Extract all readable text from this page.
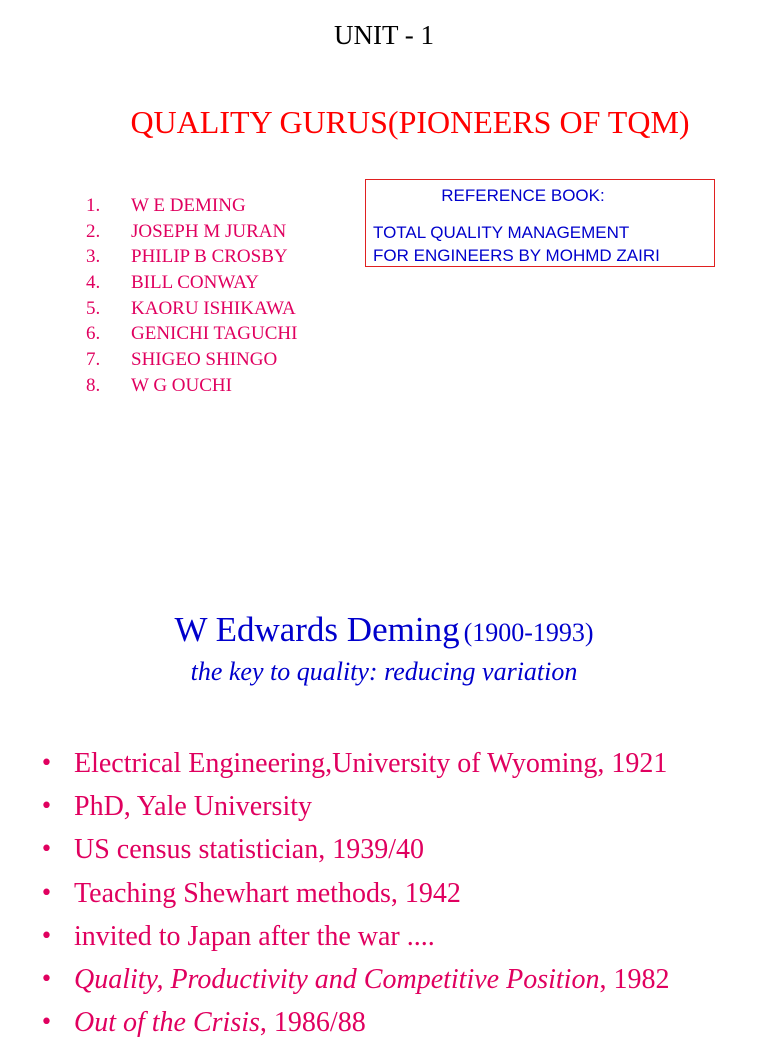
UNIT - 1
QUALITY GURUS(PIONEERS OF TQM)
1. W E DEMING
2. JOSEPH M JURAN
3. PHILIP B CROSBY
4. BILL CONWAY
5. KAORU ISHIKAWA
6. GENICHI TAGUCHI
7. SHIGEO SHINGO
8. W G OUCHI
REFERENCE BOOK:
TOTAL QUALITY MANAGEMENT
FOR ENGINEERS BY MOHMD ZAIRI
W Edwards Deming (1900-1993)
the key to quality: reducing variation
• Electrical Engineering,University of Wyoming, 1921
• PhD, Yale University
• US census statistician, 1939/40
• Teaching Shewhart methods, 1942
• invited to Japan after the war ....
• Quality, Productivity and Competitive Position, 1982
• Out of the Crisis, 1986/88
